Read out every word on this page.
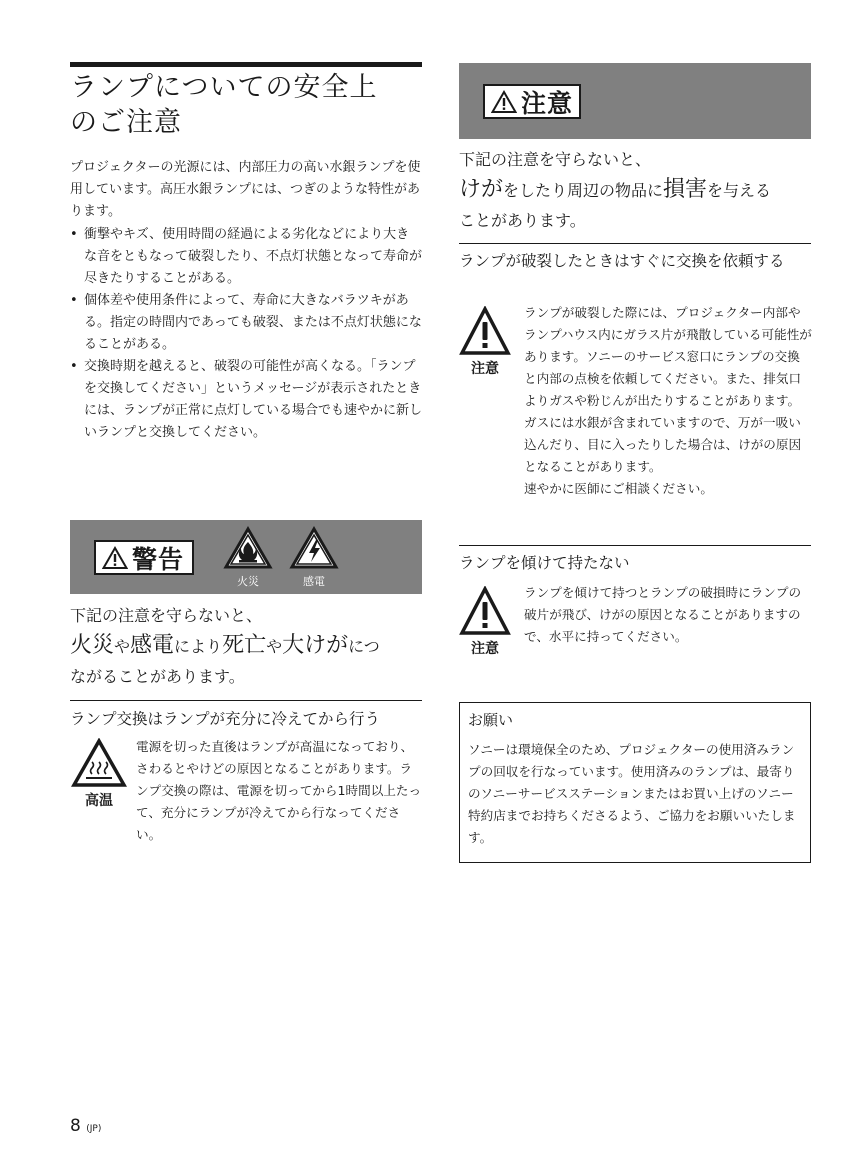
ランプについての安全上
のご注意

プロジェクターの光源には、内部圧力の高い水銀ランプを使用しています。高圧水銀ランプには、つぎのような特性があります。

• 衝撃やキズ、使用時間の経過による劣化などにより大きな音をともなって破裂したり、不点灯状態となって寿命が尽きたりすることがある。
• 個体差や使用条件によって、寿命に大きなバラツキがある。指定の時間内であっても破裂、または不点灯状態になることがある。
• 交換時期を越えると、破裂の可能性が高くなる。「ランプを交換してください」というメッセージが表示されたときには、ランプが正常に点灯している場合でも速やかに新しいランプと交換してください。
警告
火災	感電
下記の注意を守らないと、
火災や感電により死亡や大けがにつ
ながることがあります。
ランプ交換はランプが充分に冷えてから行う
高温
電源を切った直後はランプが高温になっており、さわるとやけどの原因となることがあります。ランプ交換の際は、電源を切ってから1時間以上たって、充分にランプが冷えてから行なってください。
注意
下記の注意を守らないと、
けがをしたり周辺の物品に損害を与える
ことがあります。
ランプが破裂したときはすぐに交換を依頼する
注意
ランプが破裂した際には、プロジェクター内部やランプハウス内にガラス片が飛散している可能性があります。ソニーのサービス窓口にランプの交換と内部の点検を依頼してください。また、排気口よりガスや粉じんが出たりすることがあります。ガスには水銀が含まれていますので、万が一吸い込んだり、目に入ったりした場合は、けがの原因となることがあります。
速やかに医師にご相談ください。
ランプを傾けて持たない
注意
ランプを傾けて持つとランプの破損時にランプの破片が飛び、けがの原因となることがありますので、水平に持ってください。
お願い
ソニーは環境保全のため、プロジェクターの使用済みランプの回収を行なっています。使用済みのランプは、最寄りのソニーサービスステーションまたはお買い上げのソニー特約店までお持ちくださるよう、ご協力をお願いいたします。
8 (JP)
